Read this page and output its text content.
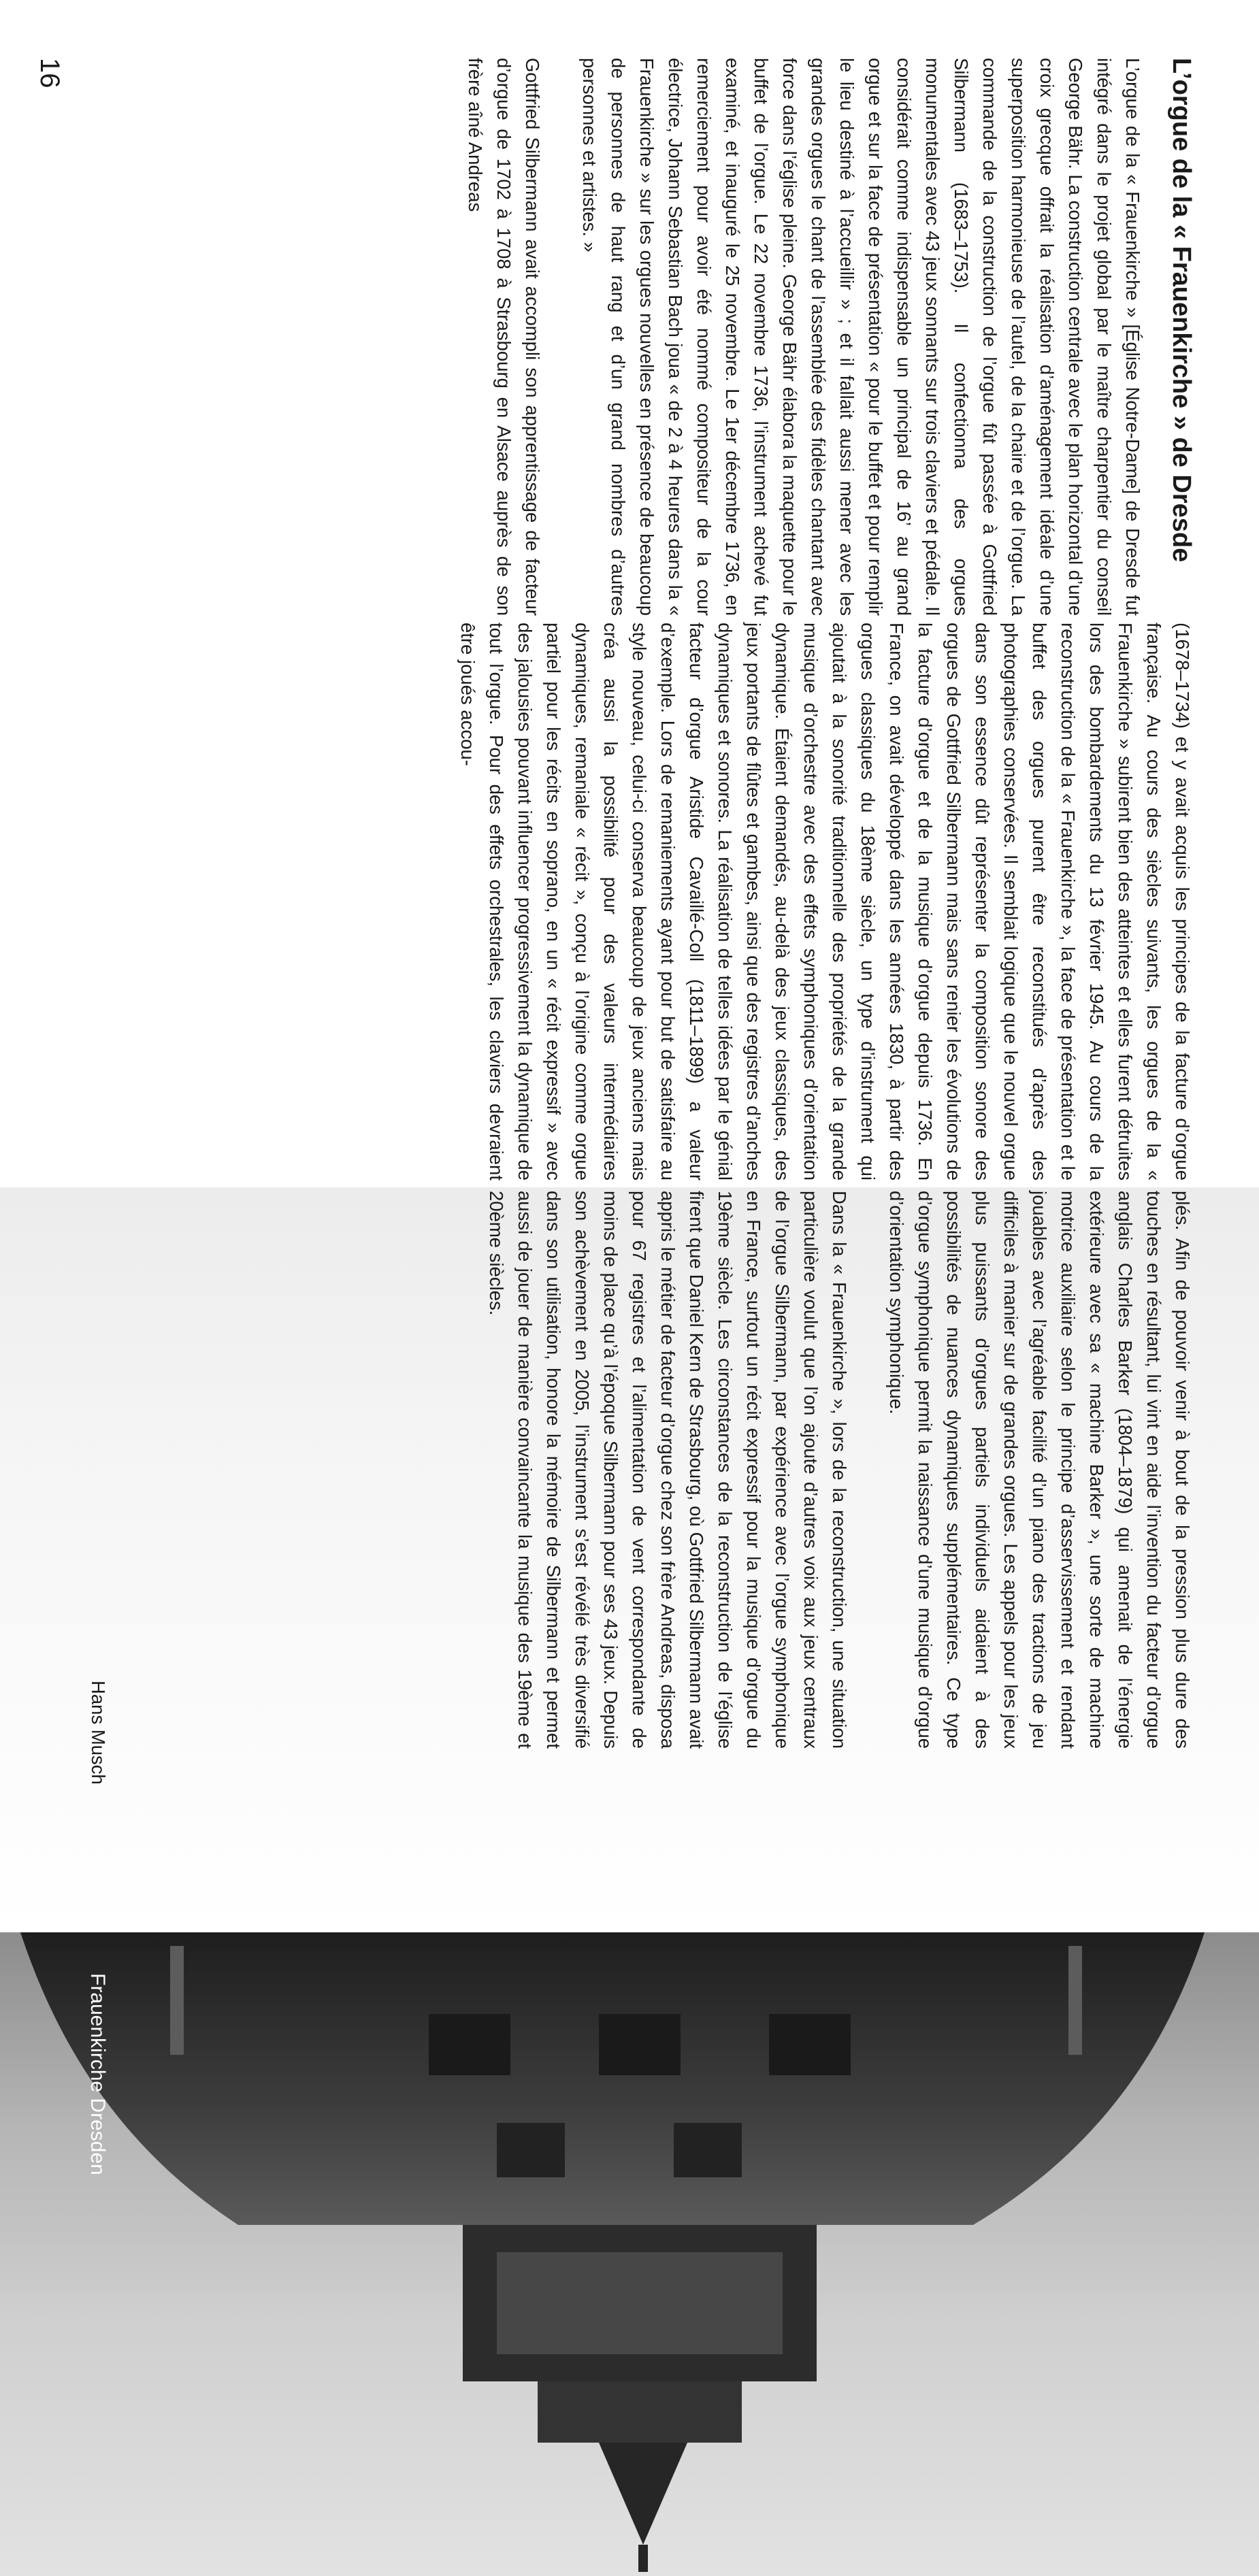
L’orgue de la « Frauenkirche » de Dresde

L’orgue de la « Frauenkirche » [Église Notre-Dame] de Dresde fut intégré dans le projet global par le maître charpentier du conseil George Bähr. La construction centrale avec le plan horizontal d’une croix grecque offrait la réalisation d’aménagement idéale d’une superposition harmonieuse de l’autel, de la chaire et de l’orgue. La commande de la construction de l’orgue fût passée à Gottfried Silbermann (1683–1753). Il confectionna des orgues monumentales avec 43 jeux sonnants sur trois claviers et pédale. Il considérait comme indispensable un principal de 16’ au grand orgue et sur la face de présentation « pour le buffet et pour remplir le lieu destiné à l’accueillir » ; et il fallait aussi mener avec les grandes orgues le chant de l’assemblée des fidèles chantant avec force dans l’église pleine. George Bähr élabora la maquette pour le buffet de l’orgue. Le 22 novembre 1736, l’instrument achevé fut examiné, et inauguré le 25 novembre. Le 1er décembre 1736, en remerciement pour avoir été nommé compositeur de la cour électrice, Johann Sebastian Bach joua « de 2 à 4 heures dans la « Frauenkirche » sur les orgues nouvelles en présence de beaucoup de personnes de haut rang et d’un grand nombres d’autres personnes et artistes. »

Gottfried Silbermann avait accompli son apprentissage de facteur d’orgue de 1702 à 1708 à Strasbourg en Alsace auprès de son frère aîné Andreas

(1678–1734) et y avait acquis les principes de la facture d’orgue française. Au cours des siècles suivants, les orgues de la « Frauenkirche » subirent bien des atteintes et elles furent détruites lors des bombardements du 13 février 1945. Au cours de la reconstruction de la « Frauenkirche », la face de présentation et le buffet des orgues purent être reconstitués d’après des photographies conservées. Il semblait logique que le nouvel orgue dans son essence dût représenter la composition sonore des orgues de Gottfried Silbermann mais sans renier les évolutions de la facture d’orgue et de la musique d’orgue depuis 1736. En France, on avait développé dans les années 1830, à partir des orgues classiques du 18ème siècle, un type d’instrument qui ajoutait à la sonorité traditionnelle des propriétés de la grande musique d’orchestre avec des effets symphoniques d’orientation dynamique. Étaient demandés, au-delà des jeux classiques, des jeux portants de flûtes et gambes, ainsi que des registres d’anches dynamiques et sonores. La réalisation de telles idées par le génial facteur d’orgue Aristide Cavaillé-Coll (1811–1899) a valeur d’exemple. Lors de remaniements ayant pour but de satisfaire au style nouveau, celui-ci conserva beaucoup de jeux anciens mais créa aussi la possibilité pour des valeurs intermédiaires dynamiques, remaniale « récit », conçu à l’origine comme orgue partiel pour les récits en soprano, en un « récit expressif » avec des jalousies pouvant influencer progressivement la dynamique de tout l’orgue. Pour des effets orchestrales, les claviers devraient être joués accou-

plés. Afin de pouvoir venir à bout de la pression plus dure des touches en résultant, lui vint en aide l’invention du facteur d’orgue anglais Charles Barker (1804–1879) qui amenait de l’énergie extérieure avec sa « machine Barker », une sorte de machine motrice auxiliaire selon le principe d’asservissement et rendant jouables avec l’agréable facilité d’un piano des tractions de jeu difficiles à manier sur de grandes orgues. Les appels pour les jeux plus puissants d’orgues partiels individuels aidaient à des possibilités de nuances dynamiques supplémentaires. Ce type d’orgue symphonique permit la naissance d’une musique d’orgue d’orientation symphonique.

Dans la « Frauenkirche », lors de la reconstruction, une situation particulière voulut que l’on ajoute d’autres voix aux jeux centraux de l’orgue Silbermann, par expérience avec l’orgue symphonique en France, surtout un récit expressif pour la musique d’orgue du 19ème siècle. Les circonstances de la reconstruction de l’église firent que Daniel Kern de Strasbourg, où Gottfried Silbermann avait appris le métier de facteur d’orgue chez son frère Andreas, disposa pour 67 registres et l’alimentation de vent correspondante de moins de place qu’à l’époque Silbermann pour ses 43 jeux. Depuis son achèvement en 2005, l’instrument s’est révélé très diversifié dans son utilisation, honore la mémoire de Silbermann et permet aussi de jouer de manière convaincante la musique des 19ème et 20ème siècles.

Hans Musch

16

Frauenkirche Dresden
